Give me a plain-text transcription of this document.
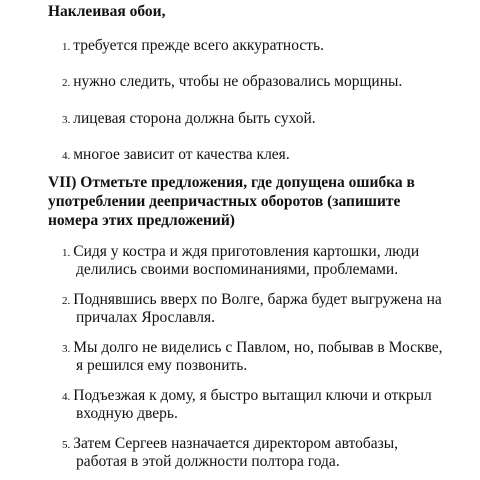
Наклеивая обои,
1. требуется прежде всего аккуратность.
2. нужно следить, чтобы не образовались морщины.
3. лицевая сторона должна быть сухой.
4. многое зависит от качества клея.
VII) Отметьте предложения, где допущена ошибка в
употреблении деепричастных оборотов (запишите
номера этих предложений)
1. Сидя у костра и ждя приготовления картошки, люди
делились своими воспоминаниями, проблемами.
2. Поднявшись вверх по Волге, баржа будет выгружена на
причалах Ярославля.
3. Мы долго не виделись с Павлом, но, побывав в Москве,
я решился ему позвонить.
4. Подъезжая к дому, я быстро вытащил ключи и открыл
входную дверь.
5. Затем Сергеев назначается директором автобазы,
работая в этой должности полтора года.
